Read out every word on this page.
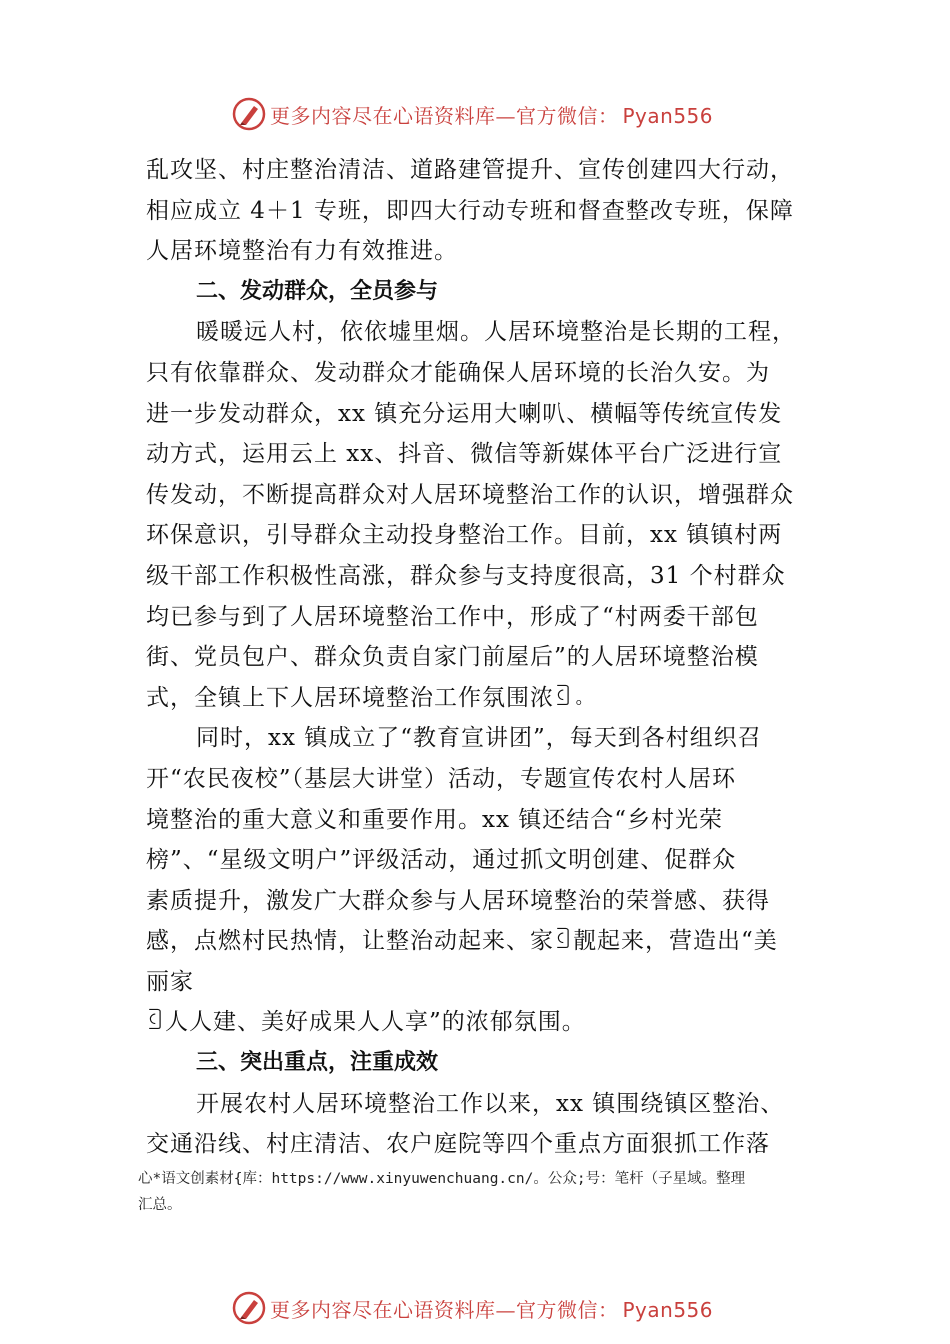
更多内容尽在心语资料库—官方微信： Pyan556
乱攻坚、村庄整治清洁、道路建管提升、宣传创建四大行动，
相应成立 4＋1 专班，即四大行动专班和督查整改专班，保障
人居环境整治有力有效推进。
二、发动群众，全员参与
暖暖远人村，依依墟里烟。人居环境整治是长期的工程，
只有依靠群众、发动群众才能确保人居环境的长治久安。为
进一步发动群众，xx 镇充分运用大喇叭、横幅等传统宣传发
动方式，运用云上 xx、抖音、微信等新媒体平台广泛进行宣
传发动，不断提高群众对人居环境整治工作的认识，增强群众
环保意识，引导群众主动投身整治工作。目前，xx 镇镇村两
级干部工作积极性高涨，群众参与支持度很高，31 个村群众
均已参与到了人居环境整治工作中，形成了“村两委干部包
街、党员包户、群众负责自家门前屋后”的人居环境整治模
式，全镇上下人居环境整治工作氛围浓ꄡ。
同时，xx 镇成立了“教育宣讲团”，每天到各村组织召
开“农民夜校”（基层大讲堂）活动，专题宣传农村人居环
境整治的重大意义和重要作用。xx 镇还结合“乡村光荣
榜”、“星级文明户”评级活动，通过抓文明创建、促群众
素质提升，激发广大群众参与人居环境整治的荣誉感、获得
感，点燃村民热情，让整治动起来、家ꄡ靓起来，营造出“美
丽家
ꄡ人人建、美好成果人人享”的浓郁氛围。
三、突出重点，注重成效
开展农村人居环境整治工作以来，xx 镇围绕镇区整治、
交通沿线、村庄清洁、农户庭院等四个重点方面狠抓工作落
心*语文创素材{库：https://www.xinyuwenchuang.cn/。公众;号：笔杆（子星域。整理
汇总。
更多内容尽在心语资料库—官方微信： Pyan556
